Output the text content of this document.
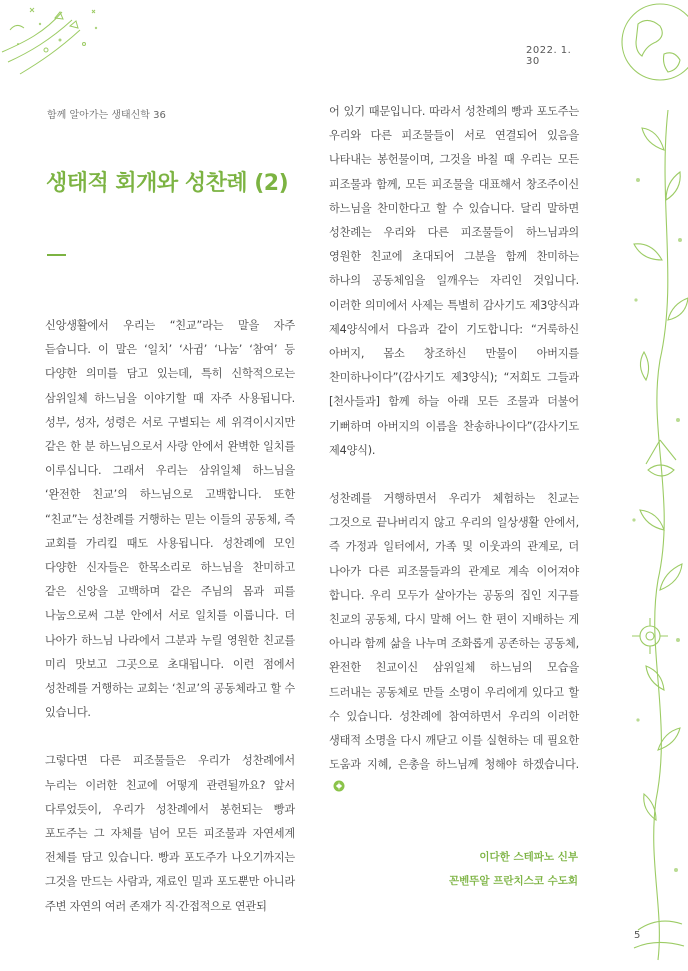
2022. 1. 30
함께 알아가는 생태신학 36
생태적 회개와 성찬례 (2)

신앙생활에서 우리는 “친교”라는 말을 자주 듣습니다. 이 말은 ‘일치’ ‘사귐’ ‘나눔’ ‘참여’ 등 다양한 의미를 담고 있는데, 특히 신학적으로는 삼위일체 하느님을 이야기할 때 자주 사용됩니다. 성부, 성자, 성령은 서로 구별되는 세 위격이시지만 같은 한 분 하느님으로서 사랑 안에서 완벽한 일치를 이루십니다. 그래서 우리는 삼위일체 하느님을 ‘완전한 친교’의 하느님으로 고백합니다. 또한 “친교”는 성찬례를 거행하는 믿는 이들의 공동체, 즉 교회를 가리킬 때도 사용됩니다. 성찬례에 모인 다양한 신자들은 한목소리로 하느님을 찬미하고 같은 신앙을 고백하며 같은 주님의 몸과 피를 나눔으로써 그분 안에서 서로 일치를 이룹니다. 더 나아가 하느님 나라에서 그분과 누릴 영원한 친교를 미리 맛보고 그곳으로 초대됩니다. 이런 점에서 성찬례를 거행하는 교회는 ‘친교’의 공동체라고 할 수 있습니다.

그렇다면 다른 피조물들은 우리가 성찬례에서 누리는 이러한 친교에 어떻게 관련될까요? 앞서 다루었듯이, 우리가 성찬례에서 봉헌되는 빵과 포도주는 그 자체를 넘어 모든 피조물과 자연세계 전체를 담고 있습니다. 빵과 포도주가 나오기까지는 그것을 만드는 사람과, 재료인 밀과 포도뿐만 아니라 주변 자연의 여러 존재가 직·간접적으로 연관되

어 있기 때문입니다. 따라서 성찬례의 빵과 포도주는 우리와 다른 피조물들이 서로 연결되어 있음을 나타내는 봉헌물이며, 그것을 바칠 때 우리는 모든 피조물과 함께, 모든 피조물을 대표해서 창조주이신 하느님을 찬미한다고 할 수 있습니다. 달리 말하면 성찬례는 우리와 다른 피조물들이 하느님과의 영원한 친교에 초대되어 그분을 함께 찬미하는 하나의 공동체임을 일깨우는 자리인 것입니다. 이러한 의미에서 사제는 특별히 감사기도 제3양식과 제4양식에서 다음과 같이 기도합니다: “거룩하신 아버지, 몸소 창조하신 만물이 아버지를 찬미하나이다”(감사기도 제3양식); “저희도 그들과[천사들과] 함께 하늘 아래 모든 조물과 더불어 기뻐하며 아버지의 이름을 찬송하나이다”(감사기도 제4양식).

성찬례를 거행하면서 우리가 체험하는 친교는 그것으로 끝나버리지 않고 우리의 일상생활 안에서, 즉 가정과 일터에서, 가족 및 이웃과의 관계로, 더 나아가 다른 피조물들과의 관계로 계속 이어져야 합니다. 우리 모두가 살아가는 공동의 집인 지구를 친교의 공동체, 다시 말해 어느 한 편이 지배하는 게 아니라 함께 삶을 나누며 조화롭게 공존하는 공동체, 완전한 친교이신 삼위일체 하느님의 모습을 드러내는 공동체로 만들 소명이 우리에게 있다고 할 수 있습니다. 성찬례에 참여하면서 우리의 이러한 생태적 소명을 다시 깨닫고 이를 실현하는 데 필요한 도움과 지혜, 은총을 하느님께 청해야 하겠습니다.

이다한 스테파노 신부
꼰벤뚜알 프란치스코 수도회
5
